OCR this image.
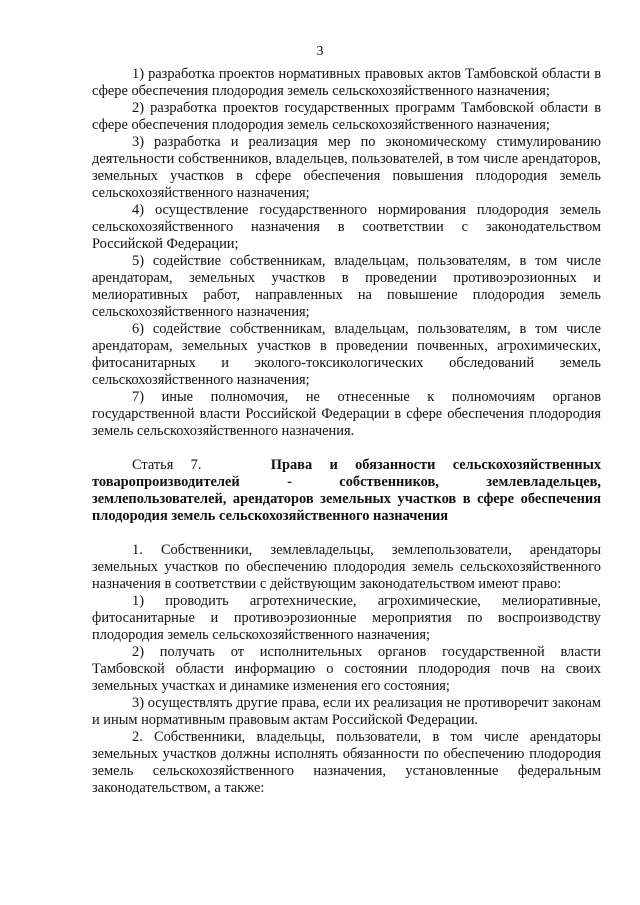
3

1) разработка проектов нормативных правовых актов Тамбовской области в сфере обеспечения плодородия земель сельскохозяйственного назначения;

2) разработка проектов государственных программ Тамбовской области в сфере обеспечения плодородия земель сельскохозяйственного назначения;

3) разработка и реализация мер по экономическому стимулированию деятельности собственников, владельцев, пользователей, в том числе арендаторов, земельных участков в сфере обеспечения повышения плодородия земель сельскохозяйственного назначения;

4) осуществление государственного нормирования плодородия земель сельскохозяйственного назначения в соответствии с законодательством Российской Федерации;

5) содействие собственникам, владельцам, пользователям, в том числе арендаторам, земельных участков в проведении противоэрозионных и мелиоративных работ, направленных на повышение плодородия земель сельскохозяйственного назначения;

6) содействие собственникам, владельцам, пользователям, в том числе арендаторам, земельных участков в проведении почвенных, агрохимических, фитосанитарных и эколого-токсикологических обследований земель сельскохозяйственного назначения;

7) иные полномочия, не отнесенные к полномочиям органов государственной власти Российской Федерации в сфере обеспечения плодородия земель сельскохозяйственного назначения.

Статья 7.	Права и обязанности сельскохозяйственных товаропроизводителей - собственников, землевладельцев, землепользователей, арендаторов земельных участков в сфере обеспечения плодородия земель сельскохозяйственного назначения

1. Собственники, землевладельцы, землепользователи, арендаторы земельных участков по обеспечению плодородия земель сельскохозяйственного назначения в соответствии с действующим законодательством имеют право:

1) проводить агротехнические, агрохимические, мелиоративные, фитосанитарные и противоэрозионные мероприятия по воспроизводству плодородия земель сельскохозяйственного назначения;

2) получать от исполнительных органов государственной власти Тамбовской области информацию о состоянии плодородия почв на своих земельных участках и динамике изменения его состояния;

3) осуществлять другие права, если их реализация не противоречит законам и иным нормативным правовым актам Российской Федерации.

2. Собственники, владельцы, пользователи, в том числе арендаторы земельных участков должны исполнять обязанности по обеспечению плодородия земель сельскохозяйственного назначения, установленные федеральным законодательством, а также:
